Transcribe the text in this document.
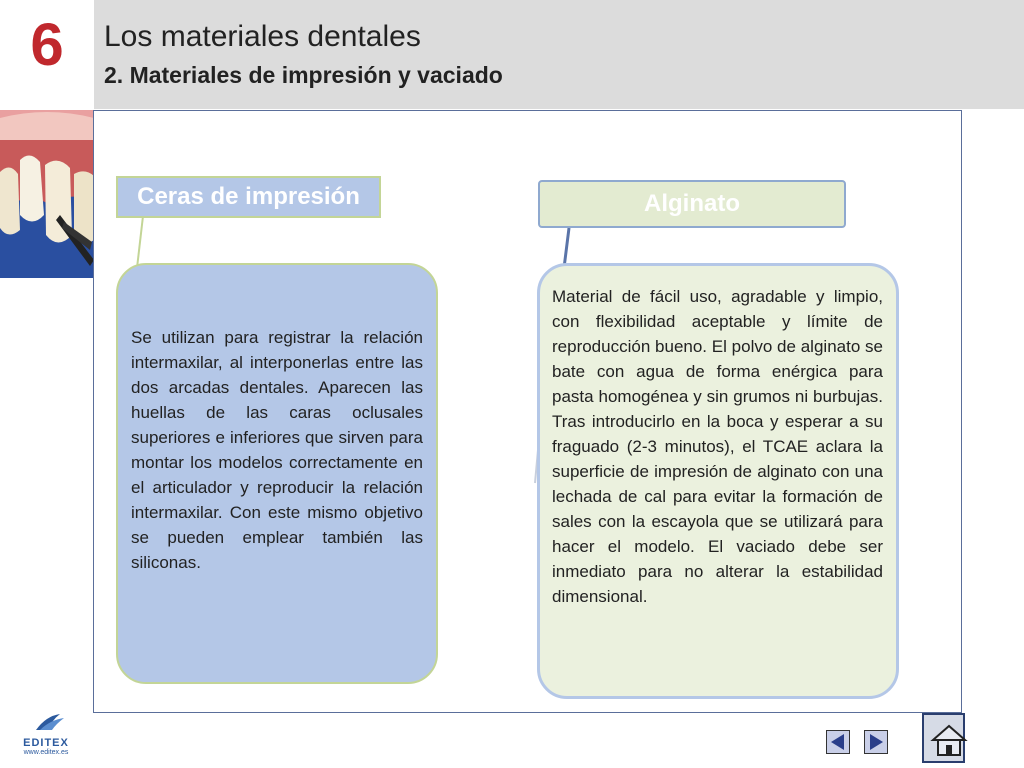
6	Los materiales dentales
2. Materiales de impresión y vaciado
Ceras de impresión
Se utilizan para registrar la relación intermaxilar, al interponerlas entre las dos arcadas dentales. Aparecen las huellas de las caras oclusales superiores e inferiores que sirven para montar los modelos correctamente en el articulador y reproducir la relación intermaxilar. Con este mismo objetivo se pueden emplear también las siliconas.
Alginato
Material de fácil uso, agradable y limpio, con flexibilidad aceptable y límite de reproducción bueno. El polvo de alginato se bate con agua de forma enérgica para pasta homogénea y sin grumos ni burbujas. Tras introducirlo en la boca y esperar a su fraguado (2-3 minutos), el TCAE aclara la superficie de impresión de alginato con una lechada de cal para evitar la formación de sales con la escayola que se utilizará para hacer el modelo. El vaciado debe ser inmediato para no alterar la estabilidad dimensional.
EDITEX
www.editex.es
